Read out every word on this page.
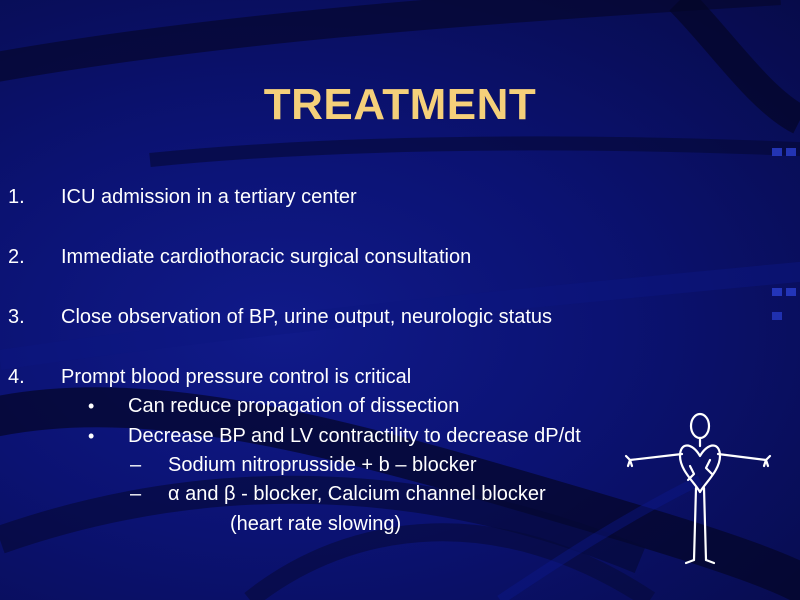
TREATMENT
1. ICU admission in a tertiary center
2. Immediate cardiothoracic surgical consultation
3. Close observation of BP, urine output, neurologic status
4. Prompt blood pressure control is critical
• Can reduce propagation of dissection
• Decrease BP and LV contractility to decrease dP/dt
– Sodium nitroprusside + b – blocker
– α and β - blocker, Calcium channel blocker
(heart rate slowing)
